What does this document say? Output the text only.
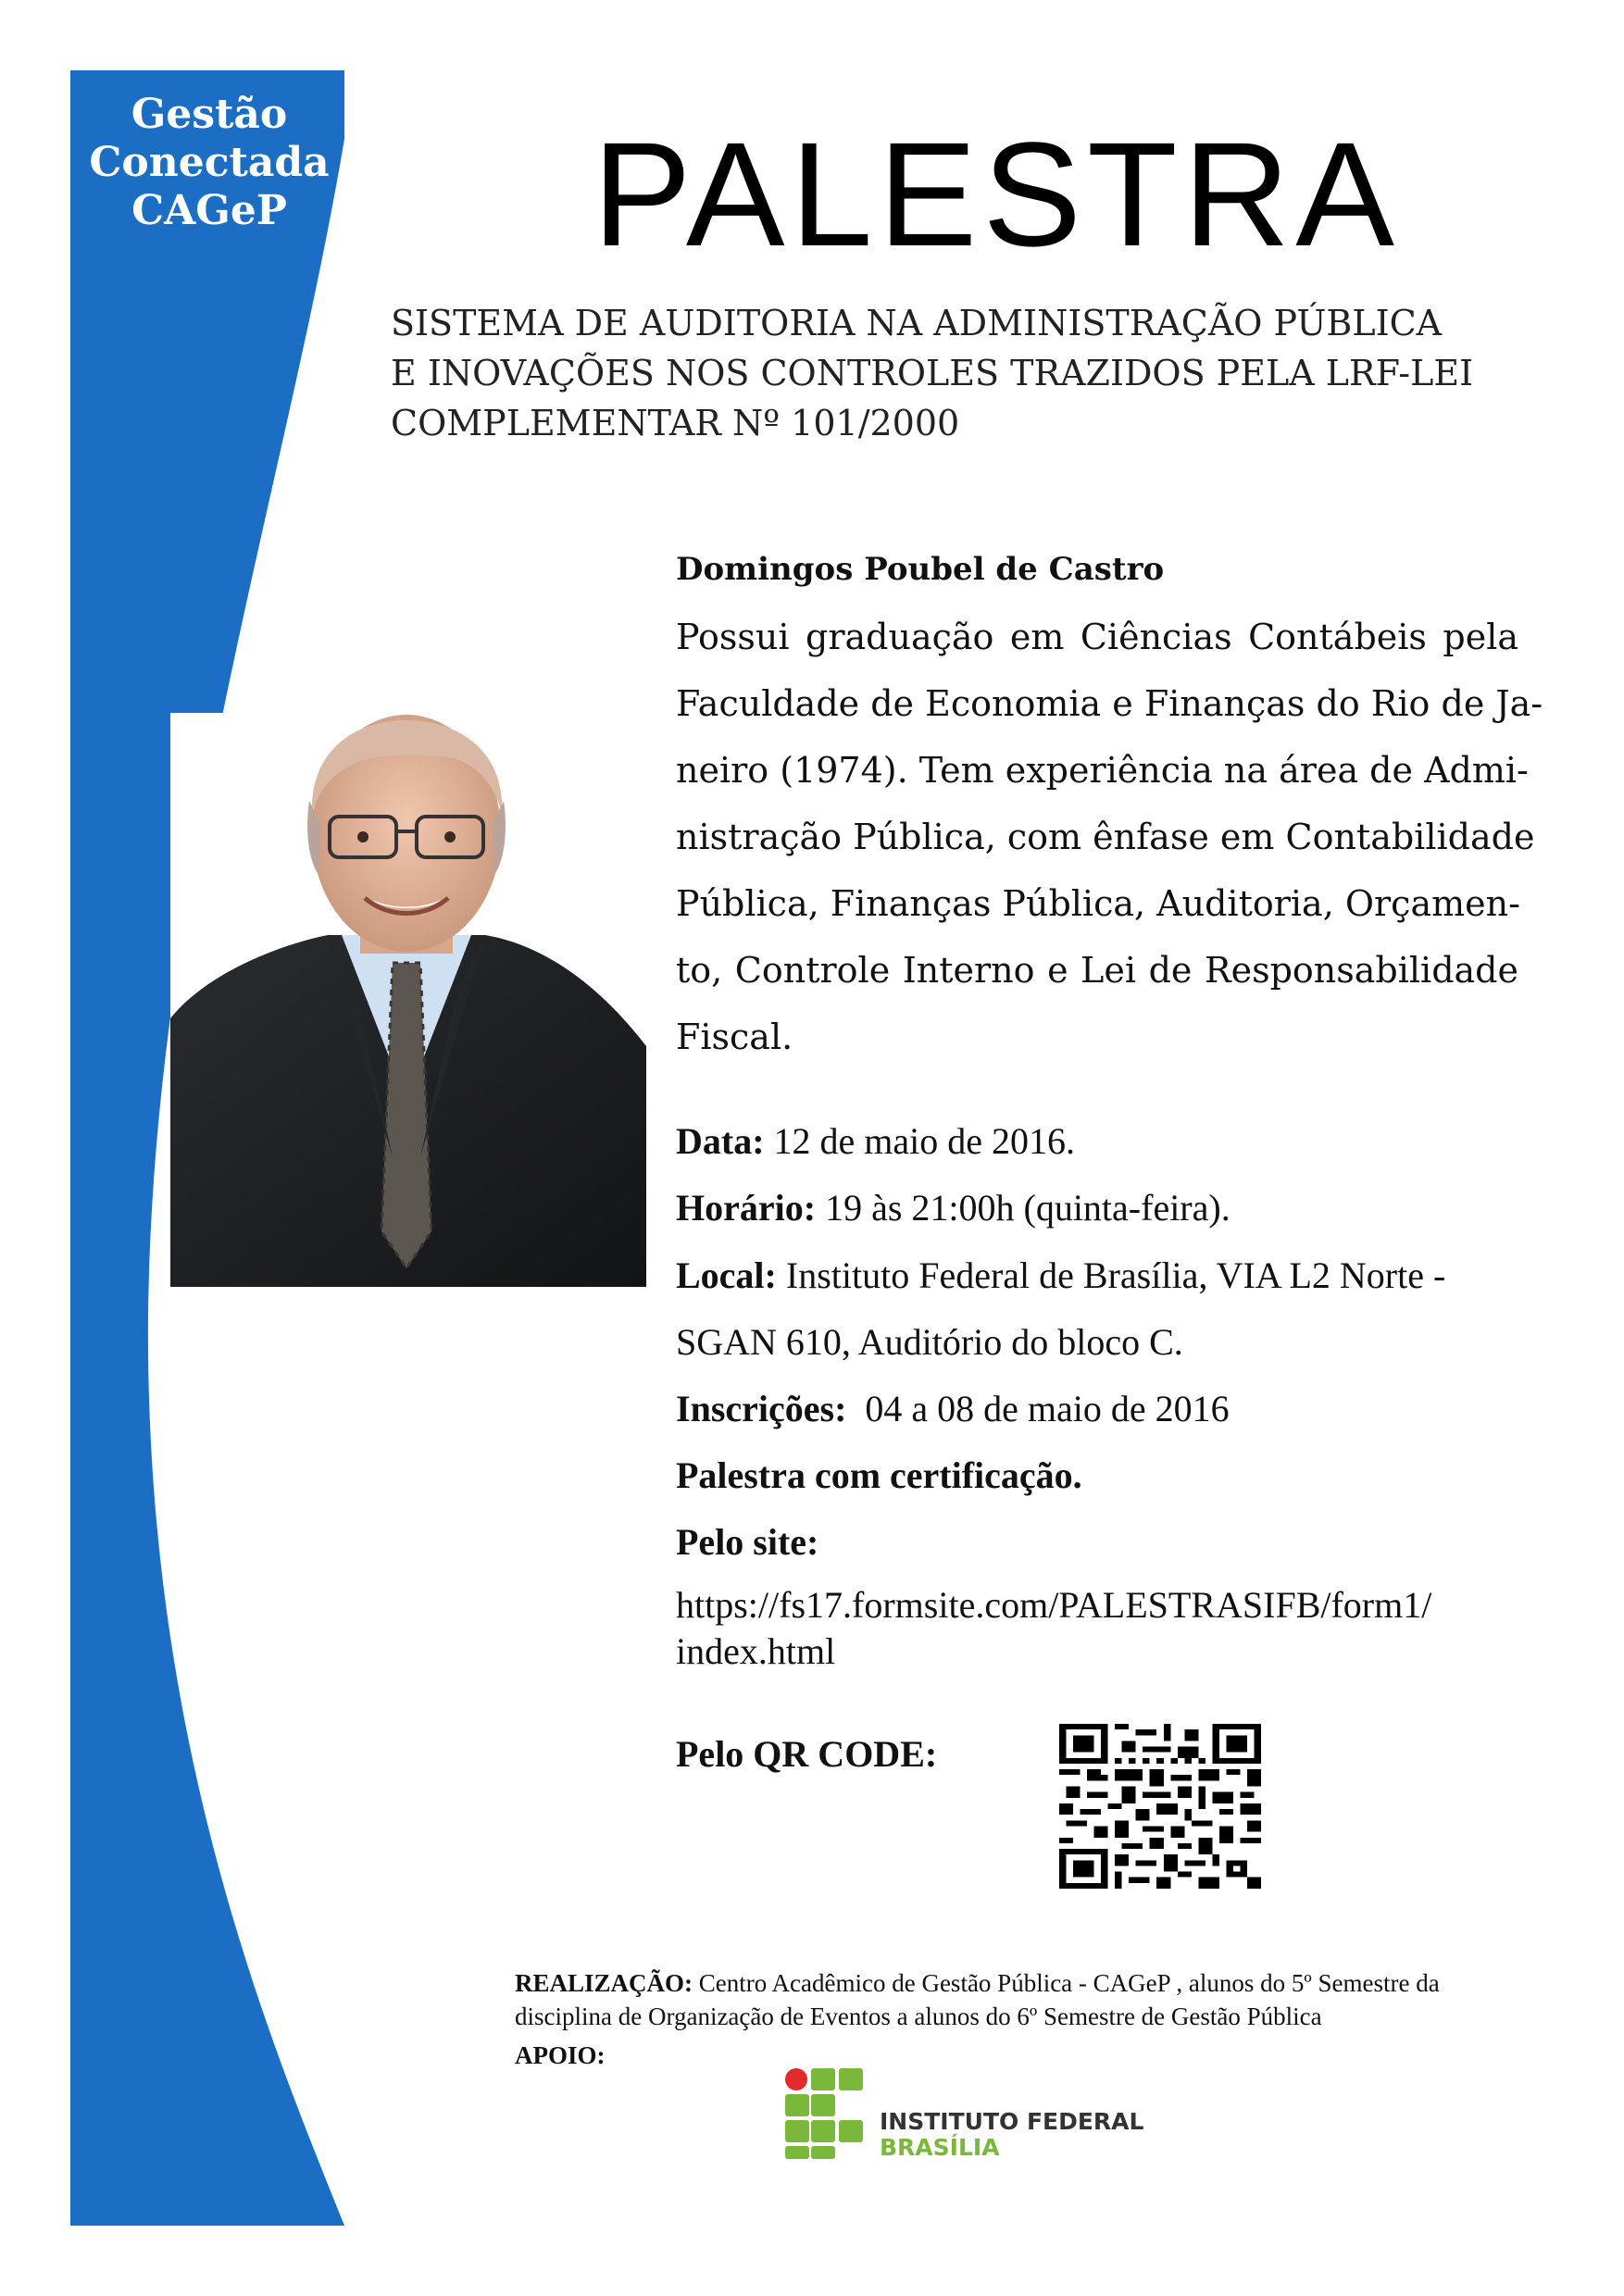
Gestão
Conectada
CAGeP	PALESTRA
SISTEMA DE AUDITORIA NA ADMINISTRAÇÃO PÚBLICA
E INOVAÇÕES NOS CONTROLES TRAZIDOS PELA LRF-LEI
COMPLEMENTAR Nº 101/2000
Domingos Poubel de Castro
Possui graduação em Ciências Contábeis pela
Faculdade de Economia e Finanças do Rio de Ja-
neiro (1974). Tem experiência na área de Admi-
nistração Pública, com ênfase em Contabilidade
Pública, Finanças Pública, Auditoria, Orçamen-
to, Controle Interno e Lei de Responsabilidade
Fiscal.
Data: 12 de maio de 2016.
Horário: 19 às 21:00h (quinta-feira).
Local: Instituto Federal de Brasília, VIA L2 Norte -
SGAN 610, Auditório do bloco C.
Inscrições:  04 a 08 de maio de 2016
Palestra com certificação.
Pelo site:
https://fs17.formsite.com/PALESTRASIFB/form1/
index.html
Pelo QR CODE:
REALIZAÇÃO: Centro Acadêmico de Gestão Pública - CAGeP , alunos do 5º Semestre da
disciplina de Organização de Eventos a alunos do 6º Semestre de Gestão Pública
APOIO:
INSTITUTO FEDERAL
BRASÍLIA
